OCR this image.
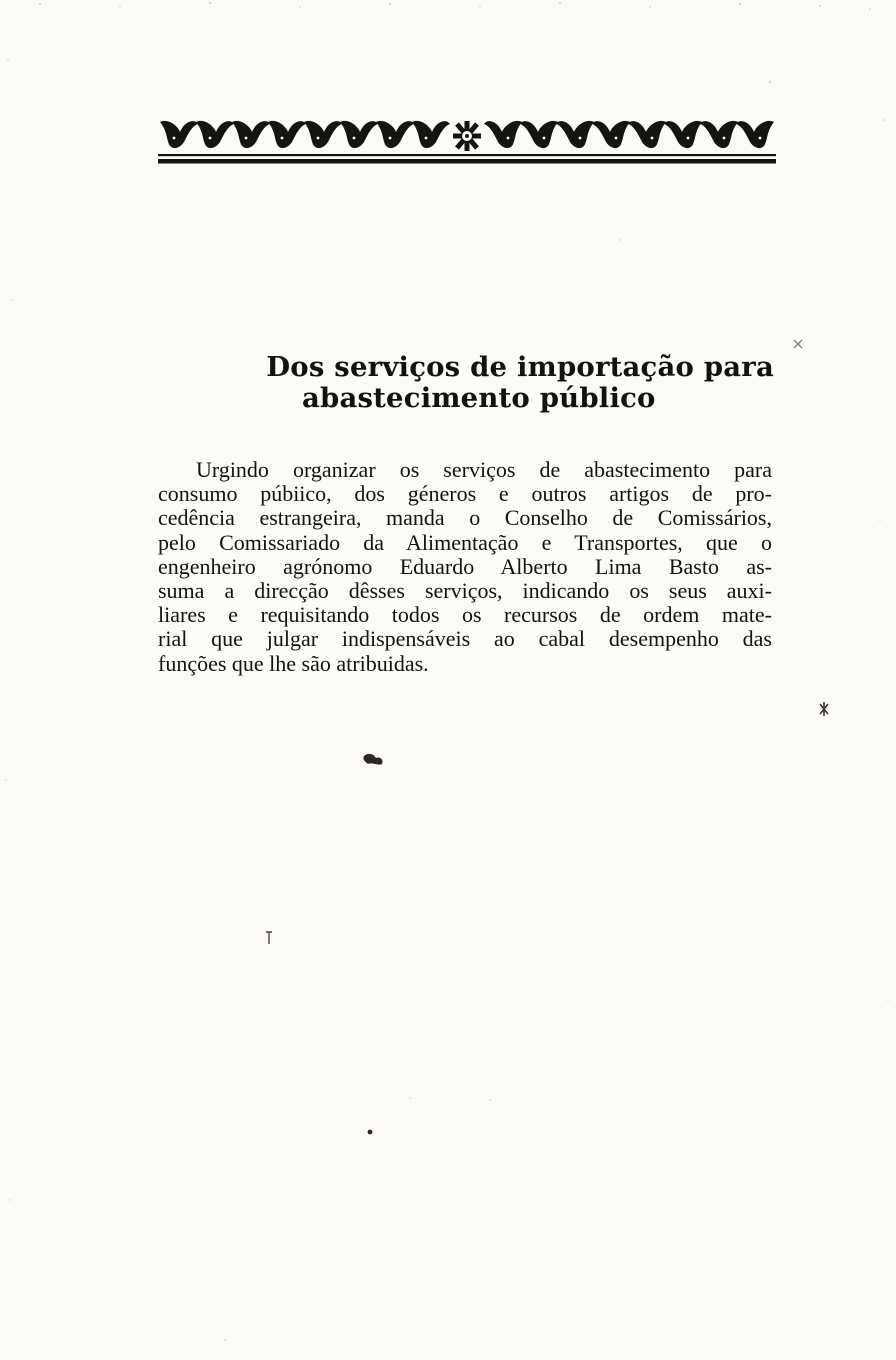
Dos serviços de importação para
abastecimento público
Urgindo organizar os serviços de abastecimento para
consumo púbiico, dos géneros e outros artigos de pro-
cedência estrangeira, manda o Conselho de Comissários,
pelo Comissariado da Alimentação e Transportes, que o
engenheiro agrónomo Eduardo Alberto Lima Basto as-
suma a direcção dêsses serviços, indicando os seus auxi-
liares e requisitando todos os recursos de ordem mate-
rial que julgar indispensáveis ao cabal desempenho das
funções que lhe são atribuidas.
